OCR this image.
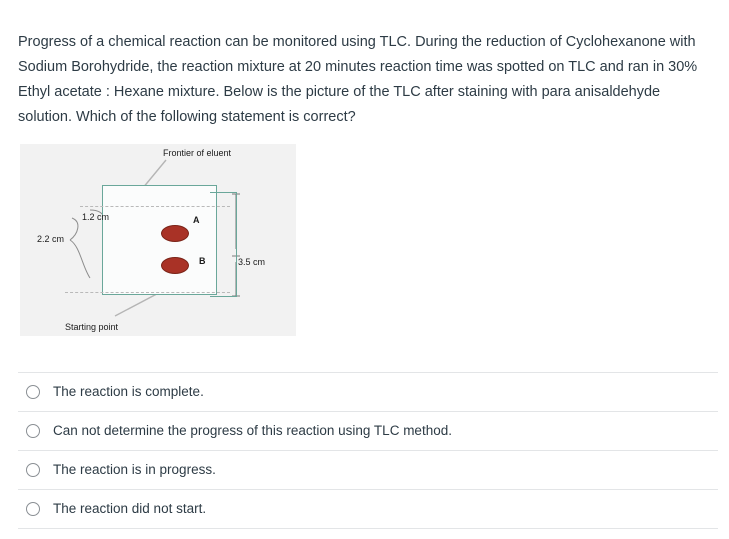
Progress of a chemical reaction can be monitored using TLC. During the reduction of Cyclohexanone with Sodium Borohydride, the reaction mixture at 20 minutes reaction time was spotted on TLC and ran in 30% Ethyl acetate : Hexane mixture. Below is the picture of the TLC after staining with para anisaldehyde solution. Which of the following statement is correct?
A
B
Frontier of eluent
1.2 cm
2.2 cm
3.5 cm
Starting point
The reaction is complete.
Can not determine the progress of this reaction using TLC method.
The reaction is in progress.
The reaction did not start.
